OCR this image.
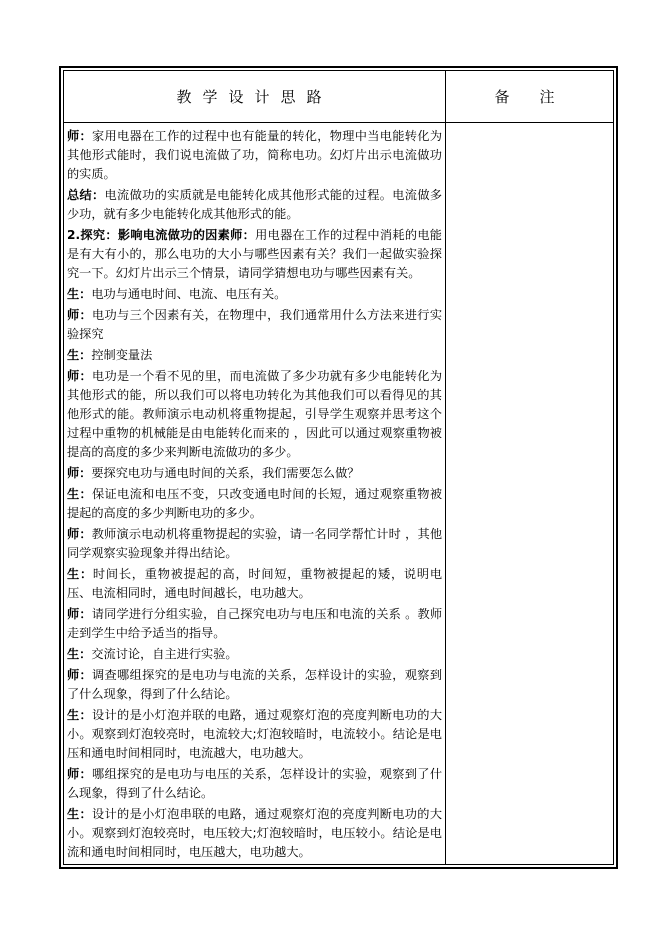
教学设计思路	备注

师：家用电器在工作的过程中也有能量的转化，物理中当电能转化为其他形式能时，我们说电流做了功，简称电功。幻灯片出示电流做功的实质。

总结：电流做功的实质就是电能转化成其他形式能的过程。电流做多少功，就有多少电能转化成其他形式的能。

2.探究：影响电流做功的因素师：用电器在工作的过程中消耗的电能是有大有小的，那么电功的大小与哪些因素有关？我们一起做实验探究一下。幻灯片出示三个情景，请同学猜想电功与哪些因素有关。

生：电功与通电时间、电流、电压有关。

师：电功与三个因素有关，在物理中，我们通常用什么方法来进行实验探究

生：控制变量法

师：电功是一个看不见的里，而电流做了多少功就有多少电能转化为其他形式的能，所以我们可以将电功转化为其他我们可以看得见的其他形式的能。教师演示电动机将重物提起，引导学生观察并思考这个过程中重物的机械能是由电能转化而来的 ，因此可以通过观察重物被提高的高度的多少来判断电流做功的多少。

师：要探究电功与通电时间的关系，我们需要怎么做？

生：保证电流和电压不变，只改变通电时间的长短，通过观察重物被提起的高度的多少判断电功的多少。

师：教师演示电动机将重物提起的实验，请一名同学帮忙计时 ，其他同学观察实验现象并得出结论。

生：时间长，重物被提起的高，时间短，重物被提起的矮，说明电压、电流相同时，通电时间越长，电功越大。

师：请同学进行分组实验，自己探究电功与电压和电流的关系 。教师走到学生中给予适当的指导。

生：交流讨论，自主进行实验。

师：调查哪组探究的是电功与电流的关系，怎样设计的实验，观察到了什么现象，得到了什么结论。

生：设计的是小灯泡并联的电路，通过观察灯泡的亮度判断电功的大小。观察到灯泡较亮时，电流较大;灯泡较暗时，电流较小。结论是电压和通电时间相同时，电流越大，电功越大。

师：哪组探究的是电功与电压的关系，怎样设计的实验，观察到了什么现象，得到了什么结论。

生：设计的是小灯泡串联的电路，通过观察灯泡的亮度判断电功的大小。观察到灯泡较亮时，电压较大;灯泡较暗时，电压较小。结论是电流和通电时间相同时，电压越大，电功越大。
